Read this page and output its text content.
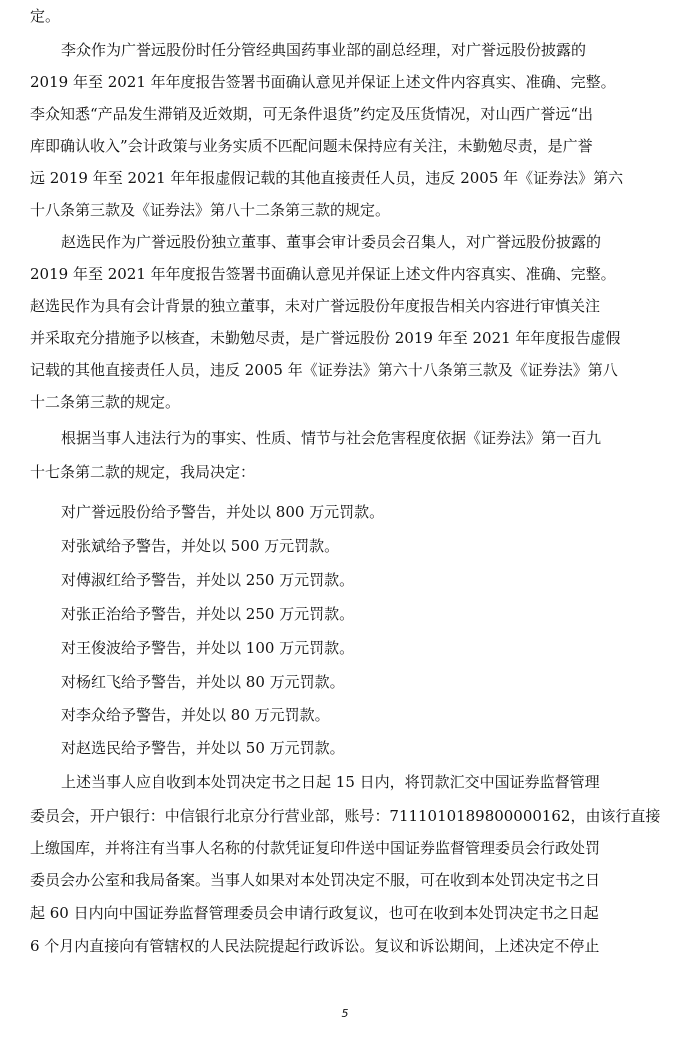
定。
李众作为广誉远股份时任分管经典国药事业部的副总经理，对广誉远股份披露的
2019 年至 2021 年年度报告签署书面确认意见并保证上述文件内容真实、准确、完整。
李众知悉“产品发生滞销及近效期，可无条件退货”约定及压货情况，对山西广誉远“出
库即确认收入”会计政策与业务实质不匹配问题未保持应有关注，未勤勉尽责，是广誉
远 2019 年至 2021 年年报虚假记载的其他直接责任人员，违反 2005 年《证券法》第六
十八条第三款及《证券法》第八十二条第三款的规定。
赵选民作为广誉远股份独立董事、董事会审计委员会召集人，对广誉远股份披露的
2019 年至 2021 年年度报告签署书面确认意见并保证上述文件内容真实、准确、完整。
赵选民作为具有会计背景的独立董事，未对广誉远股份年度报告相关内容进行审慎关注
并采取充分措施予以核查，未勤勉尽责，是广誉远股份 2019 年至 2021 年年度报告虚假
记载的其他直接责任人员，违反 2005 年《证券法》第六十八条第三款及《证券法》第八
十二条第三款的规定。
根据当事人违法行为的事实、性质、情节与社会危害程度依据《证券法》第一百九
十七条第二款的规定，我局决定：
对广誉远股份给予警告，并处以 800 万元罚款。
对张斌给予警告，并处以 500 万元罚款。
对傅淑红给予警告，并处以 250 万元罚款。
对张正治给予警告，并处以 250 万元罚款。
对王俊波给予警告，并处以 100 万元罚款。
对杨红飞给予警告，并处以 80 万元罚款。
对李众给予警告，并处以 80 万元罚款。
对赵选民给予警告，并处以 50 万元罚款。
上述当事人应自收到本处罚决定书之日起 15 日内，将罚款汇交中国证券监督管理
委员会，开户银行：中信银行北京分行营业部，账号：7111010189800000162，由该行直接
上缴国库，并将注有当事人名称的付款凭证复印件送中国证券监督管理委员会行政处罚
委员会办公室和我局备案。当事人如果对本处罚决定不服，可在收到本处罚决定书之日
起 60 日内向中国证券监督管理委员会申请行政复议，也可在收到本处罚决定书之日起
6 个月内直接向有管辖权的人民法院提起行政诉讼。复议和诉讼期间，上述决定不停止
5
